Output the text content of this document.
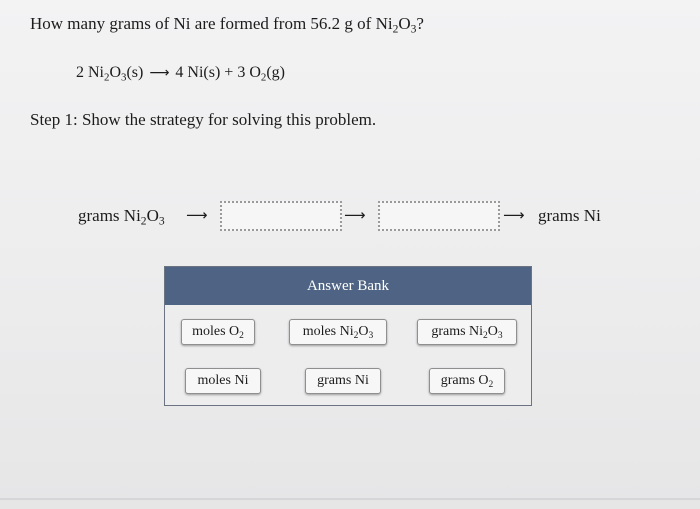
How many grams of Ni are formed from 56.2 g of $Ni_2O_3$?
2 $Ni_2O_3(s)$ ⟶ 4 Ni(s) + 3 $O_2(g)$
Step 1: Show the strategy for solving this problem.
grams $Ni_2O_3$ ⟶	⟶	⟶ grams Ni
Answer Bank
moles $O_2$	moles $Ni_2O_3$	grams $Ni_2O_3$
moles Ni	grams Ni	grams $O_2$
